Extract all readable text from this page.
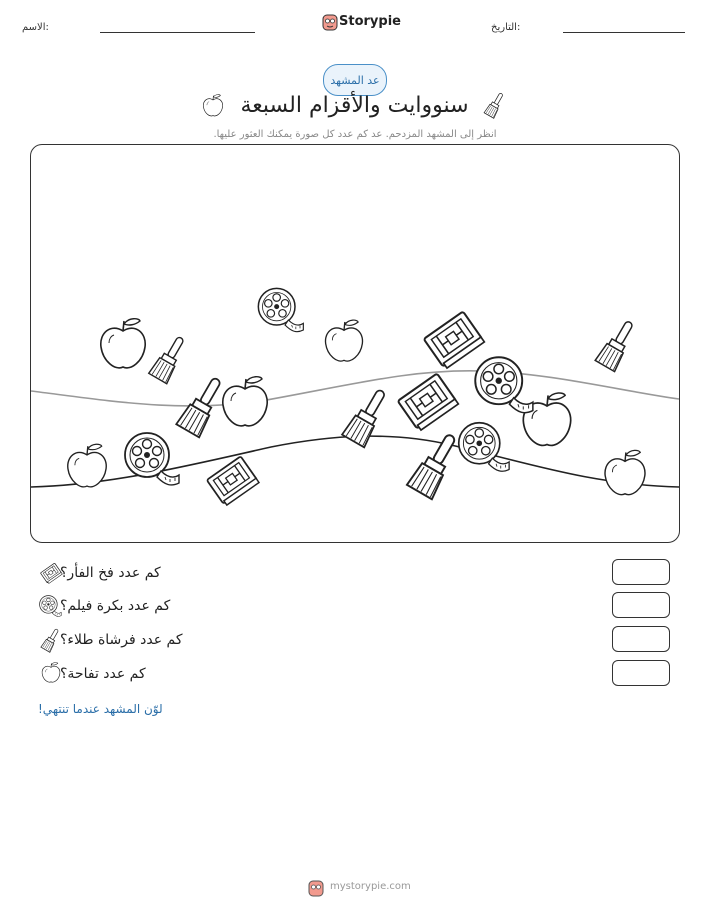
الاسم:	Storypie	التاريخ:
عد المشهد
سنووايت والأقزام السبعة
انظر إلى المشهد المزدحم. عد كم عدد كل صورة يمكنك العثور عليها.
كم عدد فخ الفأر؟
كم عدد بكرة فيلم؟
كم عدد فرشاة طلاء؟
كم عدد تفاحة؟
لوّن المشهد عندما تنتهي!
mystorypie.com
